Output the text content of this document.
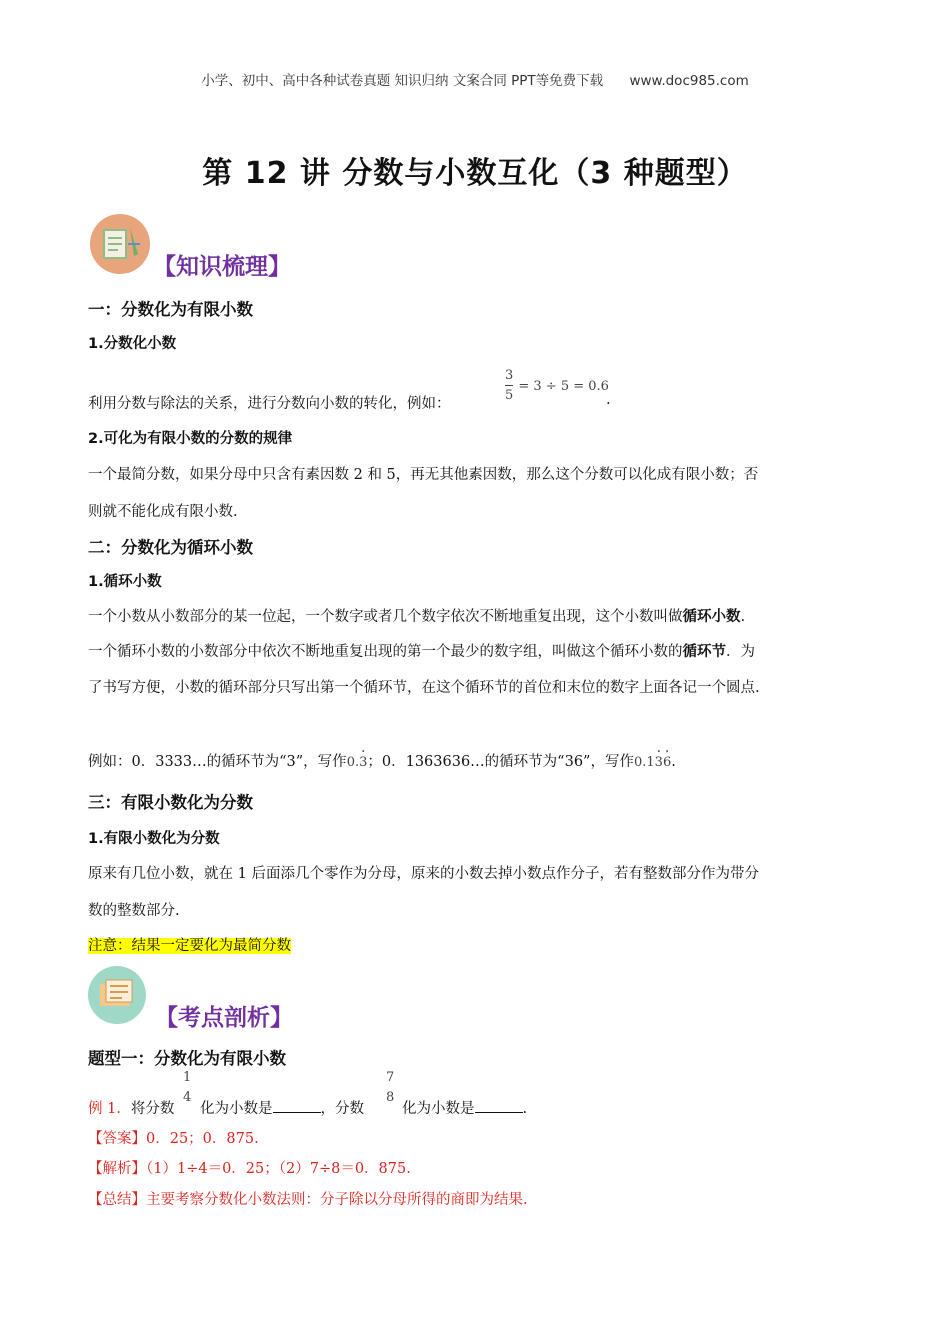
小学、初中、高中各种试卷真题 知识归纳 文案合同 PPT等免费下载 www.doc985.com
第 12 讲 分数与小数互化（3 种题型）
【知识梳理】
一：分数化为有限小数
1.分数化小数
利用分数与除法的关系，进行分数向小数的转化，例如：
$\frac{3}{5} = 3 \div 5 = 0.6$
.
2.可化为有限小数的分数的规律
一个最简分数，如果分母中只含有素因数 2 和 5，再无其他素因数，那么这个分数可以化成有限小数；否
则就不能化成有限小数.
二：分数化为循环小数
1.循环小数
一个小数从小数部分的某一位起，一个数字或者几个数字依次不断地重复出现，这个小数叫做循环小数.
一个循环小数的小数部分中依次不断地重复出现的第一个最少的数字组，叫做这个循环小数的循环节．为
了书写方便，小数的循环部分只写出第一个循环节，在这个循环节的首位和末位的数字上面各记一个圆点.
例如：0．3333…的循环节为“3”，写作0.3 ·；0．1363636…的循环节为“36”，写作0.13 ·6 ·.
三：有限小数化为分数
1.有限小数化为分数
原来有几位小数，就在 1 后面添几个零作为分母，原来的小数去掉小数点作分子，若有整数部分作为带分
数的整数部分.
注意：结果一定要化为最简分数
【考点剖析】
题型一：分数化为有限小数
例 1．将分数
1
4
化为小数是	，分数
7
8
化为小数是	.
【答案】0．25；0．875.
【解析】（1）1÷4＝0．25；（2）7÷8＝0．875.
【总结】主要考察分数化小数法则：分子除以分母所得的商即为结果.
